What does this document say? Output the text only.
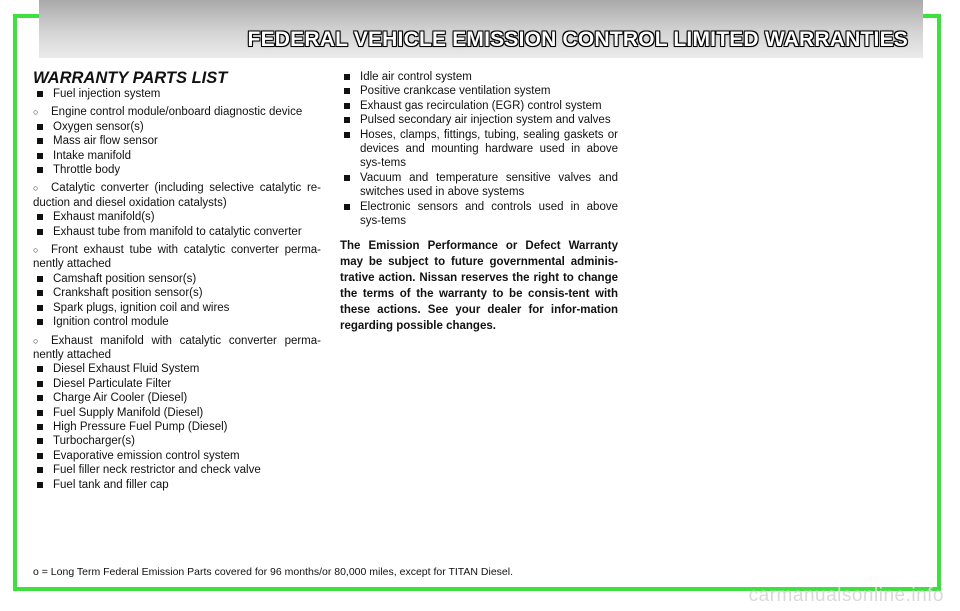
FEDERAL VEHICLE EMISSION CONTROL LIMITED WARRANTIES
WARRANTY PARTS LIST
Fuel injection system
○ Engine control module/onboard diagnostic device
Oxygen sensor(s)
Mass air flow sensor
Intake manifold
Throttle body
○ Catalytic converter (including selective catalytic re-duction and diesel oxidation catalysts)
Exhaust manifold(s)
Exhaust tube from manifold to catalytic converter
○ Front exhaust tube with catalytic converter perma-nently attached
Camshaft position sensor(s)
Crankshaft position sensor(s)
Spark plugs, ignition coil and wires
Ignition control module
○ Exhaust manifold with catalytic converter perma-nently attached
Diesel Exhaust Fluid System
Diesel Particulate Filter
Charge Air Cooler (Diesel)
Fuel Supply Manifold (Diesel)
High Pressure Fuel Pump (Diesel)
Turbocharger(s)
Evaporative emission control system
Fuel filler neck restrictor and check valve
Fuel tank and filler cap
Idle air control system
Positive crankcase ventilation system
Exhaust gas recirculation (EGR) control system
Pulsed secondary air injection system and valves
Hoses, clamps, fittings, tubing, sealing gaskets or devices and mounting hardware used in above sys-tems
Vacuum and temperature sensitive valves and switches used in above systems
Electronic sensors and controls used in above sys-tems

The Emission Performance or Defect Warranty may be subject to future governmental adminis-trative action. Nissan reserves the right to change the terms of the warranty to be consis-tent with these actions. See your dealer for infor-mation regarding possible changes.

o = Long Term Federal Emission Parts covered for 96 months/or 80,000 miles, except for TITAN Diesel.
carmanualsonline.info
